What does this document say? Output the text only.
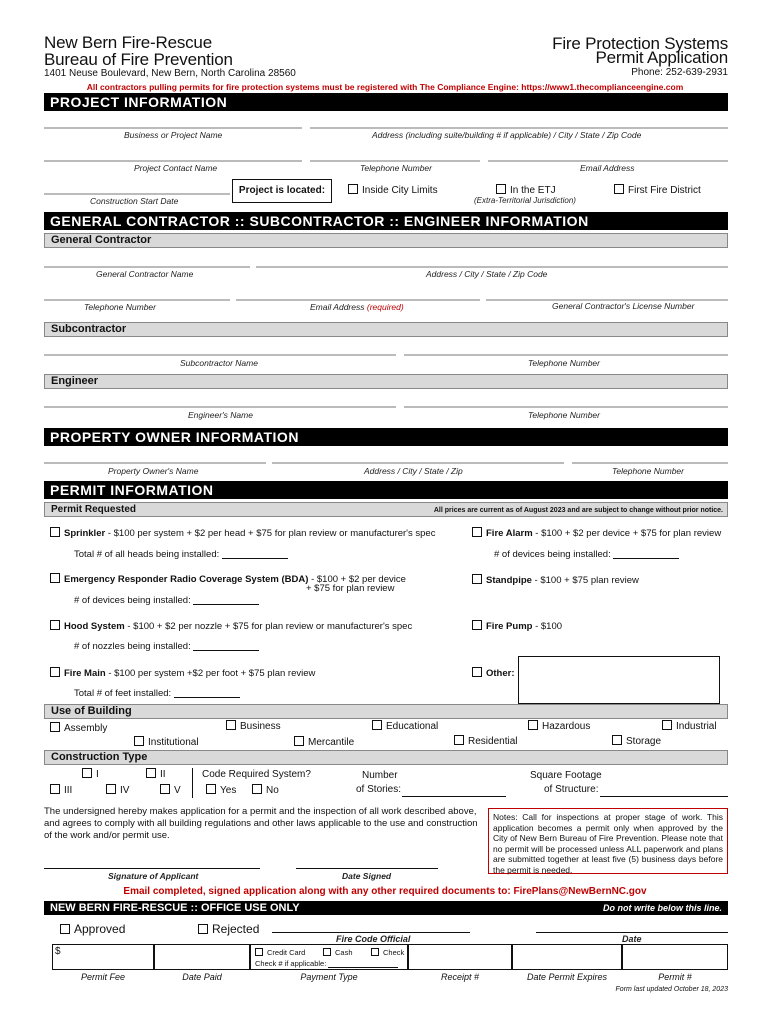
New Bern Fire-Rescue
Bureau of Fire Prevention
1401 Neuse Boulevard, New Bern, North Carolina 28560
Fire Protection Systems
Permit Application
Phone: 252-639-2931
All contractors pulling permits for fire protection systems must be registered with The Compliance Engine: https://www1.thecomplianceengine.com
PROJECT INFORMATION
Business or Project Name	Address (including suite/building # if applicable) / City / State / Zip Code
Project Contact Name	Telephone Number	Email Address
Construction Start Date
Project is located:	Inside City Limits	In the ETJ
(Extra-Territorial Jurisdiction)
First Fire District
GENERAL CONTRACTOR :: SUBCONTRACTOR :: ENGINEER INFORMATION
General Contractor
General Contractor Name	Address / City / State / Zip Code
Telephone Number	Email Address (required)	General Contractor's License Number
Subcontractor
Subcontractor Name	Telephone Number
Engineer
Engineer's Name	Telephone Number
PROPERTY OWNER INFORMATION
Property Owner's Name	Address / City / State / Zip	Telephone Number
PERMIT INFORMATION
Permit Requested	All prices are current as of August 2023 and are subject to change without prior notice.
Sprinkler - $100 per system + $2 per head + $75 for plan review or manufacturer's spec
Total # of all heads being installed:
Fire Alarm - $100 + $2 per device + $75 for plan review
# of devices being installed:
Emergency Responder Radio Coverage System (BDA) - $100 + $2 per device
+ $75 for plan review
# of devices being installed:
Standpipe - $100 + $75 plan review
Hood System - $100 + $2 per nozzle + $75 for plan review or manufacturer's spec
# of nozzles being installed:
Fire Pump - $100
Fire Main - $100 per system +$2 per foot + $75 plan review
Total # of feet installed:
Other:
Use of Building
Assembly	Business	Educational	Hazardous	Industrial
Institutional	Mercantile	Residential	Storage
Construction Type
I	II
III	IV	V
Code Required System?
Yes	No
Number
of Stories:
Square Footage
of Structure:
The undersigned hereby makes application for a permit and the inspection of all work described above, and agrees to comply with all building regulations and other laws applicable to the use and construction of the work and/or permit use.
Notes: Call for inspections at proper stage of work. This application becomes a permit only when approved by the City of New Bern Bureau of Fire Prevention. Please note that no permit will be processed unless ALL paperwork and plans are submitted together at least five (5) business days before the permit is needed.
Signature of Applicant	Date Signed
Email completed, signed application along with any other required documents to: FirePlans@NewBernNC.gov
NEW BERN FIRE-RESCUE :: OFFICE USE ONLY	Do not write below this line.
Approved	Rejected
Fire Code Official	Date
$	Credit Card	Cash	Check
Check # if applicable:
Permit Fee	Date Paid	Payment Type	Receipt #	Date Permit Expires	Permit #
Form last updated October 18, 2023
